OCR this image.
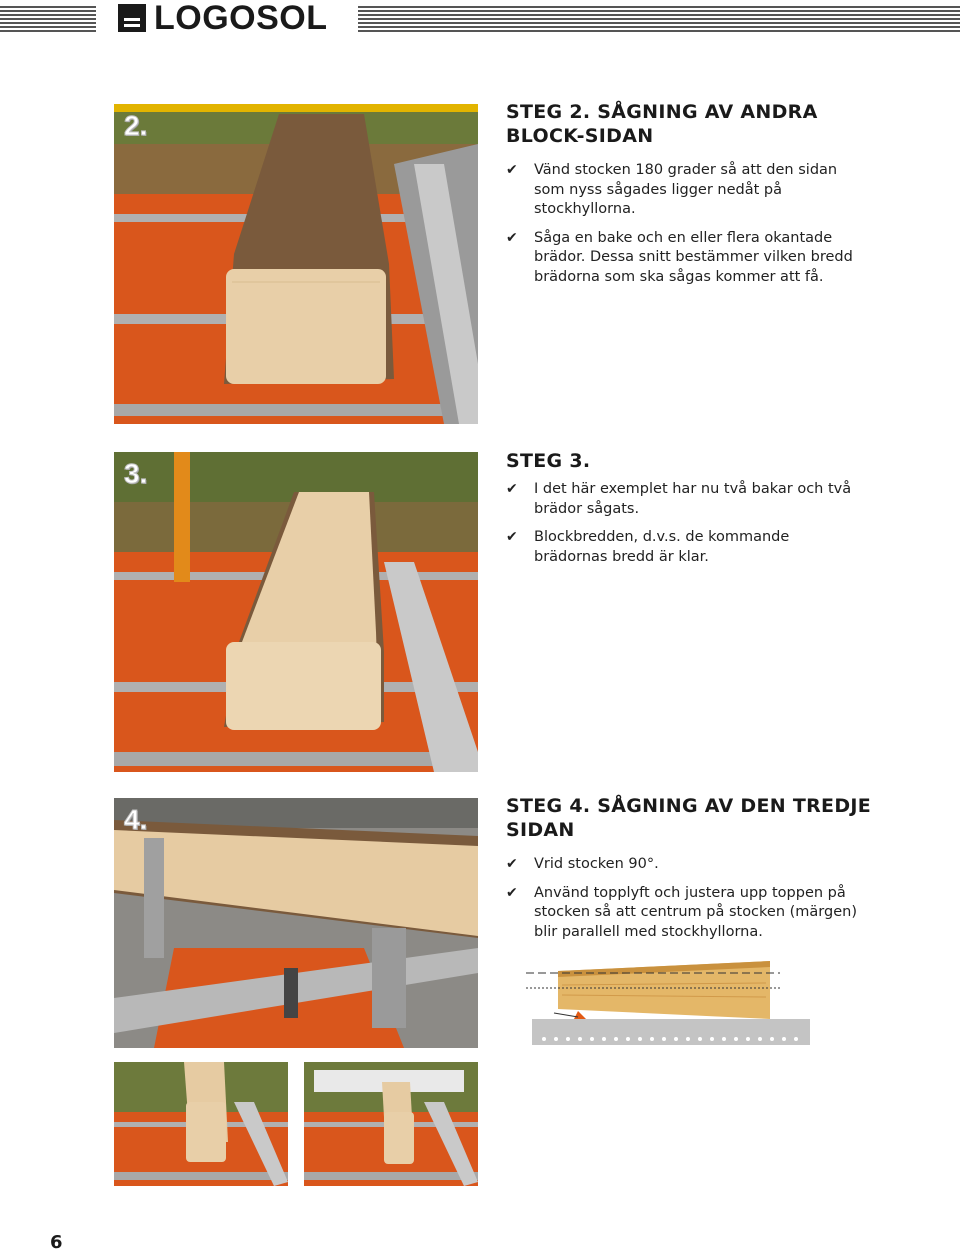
LOGOSOL
2.	STEG 2. SÅGNING AV ANDRA BLOCK-SIDAN
✔ Vänd stocken 180 grader så att den sidan som nyss sågades ligger nedåt på stockhyllorna.
✔ Såga en bake och en eller flera okantade brädor. Dessa snitt bestämmer vilken bredd brädorna som ska sågas kommer att få.
3.	STEG 3.
✔ I det här exemplet har nu två bakar och två brädor sågats.
✔ Blockbredden, d.v.s. de kommande brädornas bredd är klar.
4.	STEG 4. SÅGNING AV DEN TREDJE SIDAN
✔ Vrid stocken 90°.
✔ Använd topplyft och justera upp toppen på stocken så att centrum på stocken (märgen) blir parallell med stockhyllorna.
6
